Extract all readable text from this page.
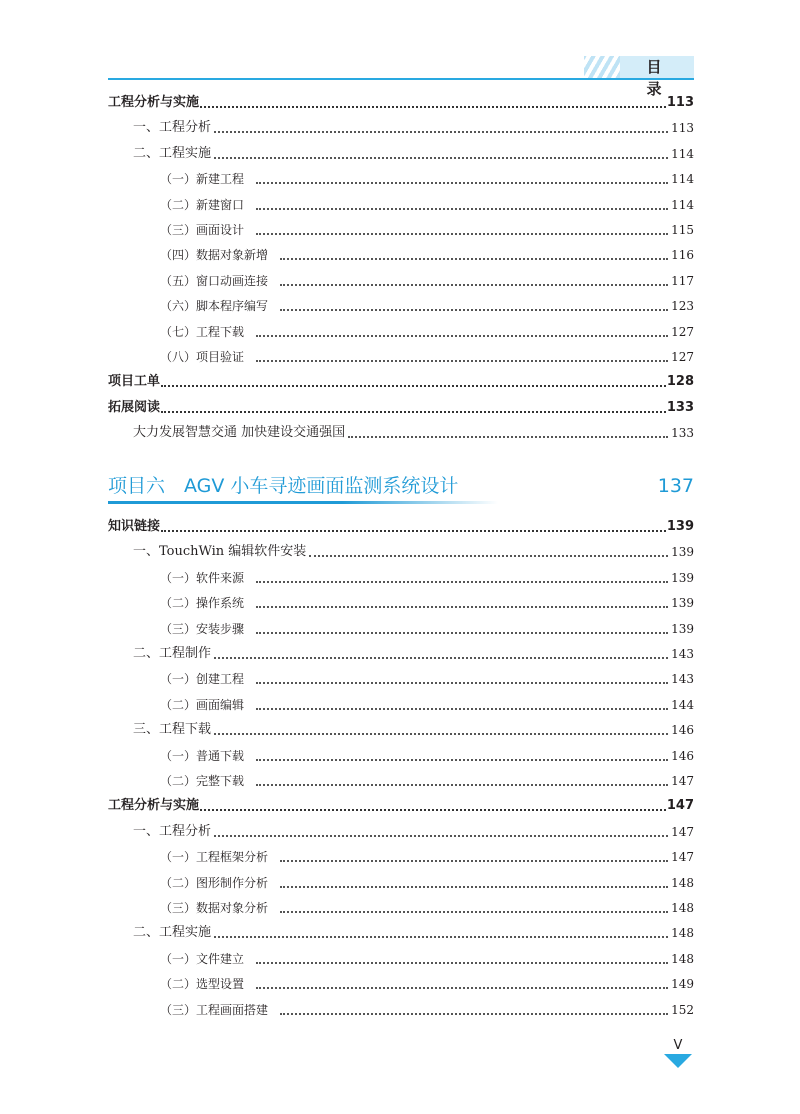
目 录
工程分析与实施	113
一、工程分析	113
二、工程实施	114
（一）新建工程	114
（二）新建窗口	114
（三）画面设计	115
（四）数据对象新增	116
（五）窗口动画连接	117
（六）脚本程序编写	123
（七）工程下载	127
（八）项目验证	127
项目工单	128
拓展阅读	133
大力发展智慧交通 加快建设交通强国	133
项目六 AGV 小车寻迹画面监测系统设计	137
知识链接	139
一、TouchWin 编辑软件安装	139
（一）软件来源	139
（二）操作系统	139
（三）安装步骤	139
二、工程制作	143
（一）创建工程	143
（二）画面编辑	144
三、工程下载	146
（一）普通下载	146
（二）完整下载	147
工程分析与实施	147
一、工程分析	147
（一）工程框架分析	147
（二）图形制作分析	148
（三）数据对象分析	148
二、工程实施	148
（一）文件建立	148
（二）选型设置	149
（三）工程画面搭建	152
V
